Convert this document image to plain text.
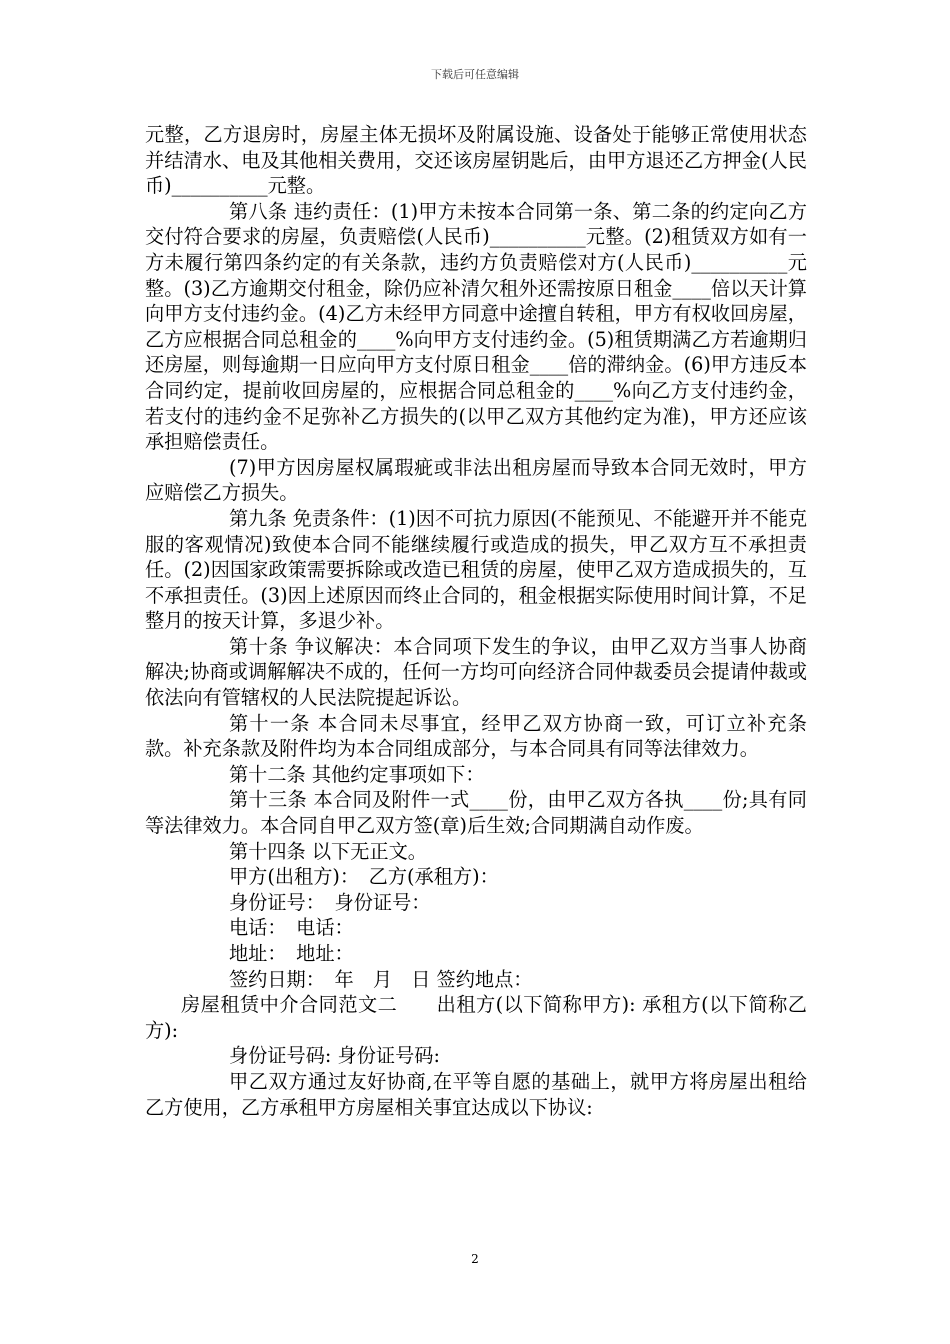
下载后可任意编辑

元整，乙方退房时，房屋主体无损坏及附属设施、设备处于能够正常使用状态并结清水、电及其他相关费用，交还该房屋钥匙后，由甲方退还乙方押金(人民币)__________元整。

第八条 违约责任：(1)甲方未按本合同第一条、第二条的约定向乙方交付符合要求的房屋，负责赔偿(人民币)__________元整。(2)租赁双方如有一方未履行第四条约定的有关条款，违约方负责赔偿对方(人民币)__________元整。(3)乙方逾期交付租金，除仍应补清欠租外还需按原日租金____倍以天计算向甲方支付违约金。(4)乙方未经甲方同意中途擅自转租，甲方有权收回房屋，乙方应根据合同总租金的____%向甲方支付违约金。(5)租赁期满乙方若逾期归还房屋，则每逾期一日应向甲方支付原日租金____倍的滞纳金。(6)甲方违反本合同约定，提前收回房屋的，应根据合同总租金的____%向乙方支付违约金，若支付的违约金不足弥补乙方损失的(以甲乙双方其他约定为准)，甲方还应该承担赔偿责任。

(7)甲方因房屋权属瑕疵或非法出租房屋而导致本合同无效时，甲方应赔偿乙方损失。

第九条 免责条件：(1)因不可抗力原因(不能预见、不能避开并不能克服的客观情况)致使本合同不能继续履行或造成的损失，甲乙双方互不承担责任。(2)因国家政策需要拆除或改造已租赁的房屋，使甲乙双方造成损失的，互不承担责任。(3)因上述原因而终止合同的，租金根据实际使用时间计算，不足整月的按天计算，多退少补。

第十条 争议解决：本合同项下发生的争议，由甲乙双方当事人协商解决;协商或调解解决不成的，任何一方均可向经济合同仲裁委员会提请仲裁或依法向有管辖权的人民法院提起诉讼。

第十一条 本合同未尽事宜，经甲乙双方协商一致，可订立补充条款。补充条款及附件均为本合同组成部分，与本合同具有同等法律效力。

第十二条 其他约定事项如下：

第十三条 本合同及附件一式____份，由甲乙双方各执____份;具有同等法律效力。本合同自甲乙双方签(章)后生效;合同期满自动作废。

第十四条 以下无正文。

甲方(出租方)：　乙方(承租方)：

身份证号：　身份证号：

电话：　电话：

地址：　地址：

签约日期：　年　月　日 签约地点：

房屋租赁中介合同范文二　　出租方(以下简称甲方): 承租方(以下简称乙方):

身份证号码: 身份证号码:

甲乙双方通过友好协商,在平等自愿的基础上，就甲方将房屋出租给乙方使用，乙方承租甲方房屋相关事宜达成以下协议:

2
